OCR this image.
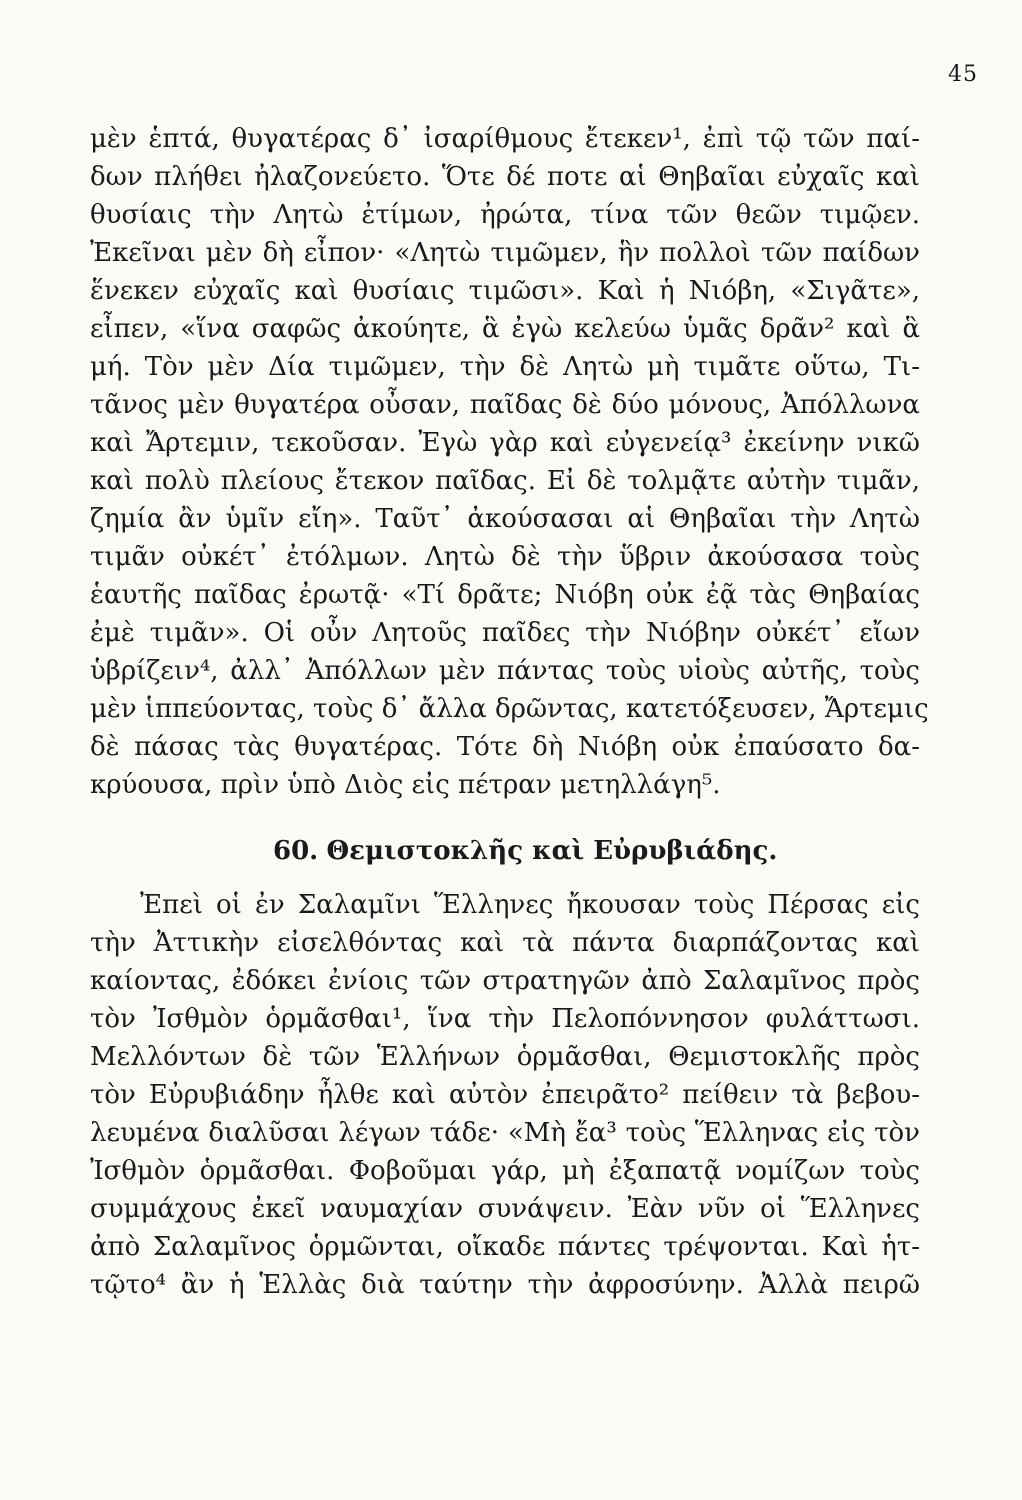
45
μὲν ἑπτά, θυγατέρας δ᾽ ἰσαρίθμους ἔτεκεν¹, ἐπὶ τῷ τῶν παί-
δων πλήθει ἠλαζονεύετο. Ὅτε δέ ποτε αἱ Θηβαῖαι εὐχαῖς καὶ
θυσίαις τὴν Λητὼ ἐτίμων, ἠρώτα, τίνα τῶν θεῶν τιμῷεν.
Ἐκεῖναι μὲν δὴ εἶπον· «Λητὼ τιμῶμεν, ἣν πολλοὶ τῶν παίδων
ἕνεκεν εὐχαῖς καὶ θυσίαις τιμῶσι». Καὶ ἡ Νιόβη, «Σιγᾶτε»,
εἶπεν, «ἵνα σαφῶς ἀκούητε, ἃ ἐγὼ κελεύω ὑμᾶς δρᾶν² καὶ ἃ
μή. Τὸν μὲν Δία τιμῶμεν, τὴν δὲ Λητὼ μὴ τιμᾶτε οὕτω, Τι-
τᾶνος μὲν θυγατέρα οὖσαν, παῖδας δὲ δύο μόνους, Ἀπόλλωνα
καὶ Ἄρτεμιν, τεκοῦσαν. Ἐγὼ γὰρ καὶ εὐγενείᾳ³ ἐκείνην νικῶ
καὶ πολὺ πλείους ἔτεκον παῖδας. Εἰ δὲ τολμᾷτε αὐτὴν τιμᾶν,
ζημία ἂν ὑμῖν εἴη». Ταῦτ᾽ ἀκούσασαι αἱ Θηβαῖαι τὴν Λητὼ
τιμᾶν οὐκέτ᾽ ἐτόλμων. Λητὼ δὲ τὴν ὕβριν ἀκούσασα τοὺς
ἑαυτῆς παῖδας ἐρωτᾷ· «Τί δρᾶτε; Νιόβη οὐκ ἐᾷ τὰς Θηβαίας
ἐμὲ τιμᾶν». Οἱ οὖν Λητοῦς παῖδες τὴν Νιόβην οὐκέτ᾽ εἴων
ὑβρίζειν⁴, ἀλλ᾽ Ἀπόλλων μὲν πάντας τοὺς υἱοὺς αὐτῆς, τοὺς
μὲν ἱππεύοντας, τοὺς δ᾽ ἄλλα δρῶντας, κατετόξευσεν, Ἄρτεμις
δὲ πάσας τὰς θυγατέρας. Τότε δὴ Νιόβη οὐκ ἐπαύσατο δα-
κρύουσα, πρὶν ὑπὸ Διὸς εἰς πέτραν μετηλλάγη⁵.
60. Θεμιστοκλῆς καὶ Εὐρυβιάδης.
Ἐπεὶ οἱ ἐν Σαλαμῖνι Ἕλληνες ἤκουσαν τοὺς Πέρσας εἰς
τὴν Ἀττικὴν εἰσελθόντας καὶ τὰ πάντα διαρπάζοντας καὶ
καίοντας, ἐδόκει ἐνίοις τῶν στρατηγῶν ἀπὸ Σαλαμῖνος πρὸς
τὸν Ἰσθμὸν ὁρμᾶσθαι¹, ἵνα τὴν Πελοπόννησον φυλάττωσι.
Μελλόντων δὲ τῶν Ἑλλήνων ὁρμᾶσθαι, Θεμιστοκλῆς πρὸς
τὸν Εὐρυβιάδην ἦλθε καὶ αὐτὸν ἐπειρᾶτο² πείθειν τὰ βεβου-
λευμένα διαλῦσαι λέγων τάδε· «Μὴ ἔα³ τοὺς Ἕλληνας εἰς τὸν
Ἰσθμὸν ὁρμᾶσθαι. Φοβοῦμαι γάρ, μὴ ἐξαπατᾷ νομίζων τοὺς
συμμάχους ἐκεῖ ναυμαχίαν συνάψειν. Ἐὰν νῦν οἱ Ἕλληνες
ἀπὸ Σαλαμῖνος ὁρμῶνται, οἴκαδε πάντες τρέψονται. Καὶ ἡτ-
τῷτο⁴ ἂν ἡ Ἑλλὰς διὰ ταύτην τὴν ἀφροσύνην. Ἀλλὰ πειρῶ
